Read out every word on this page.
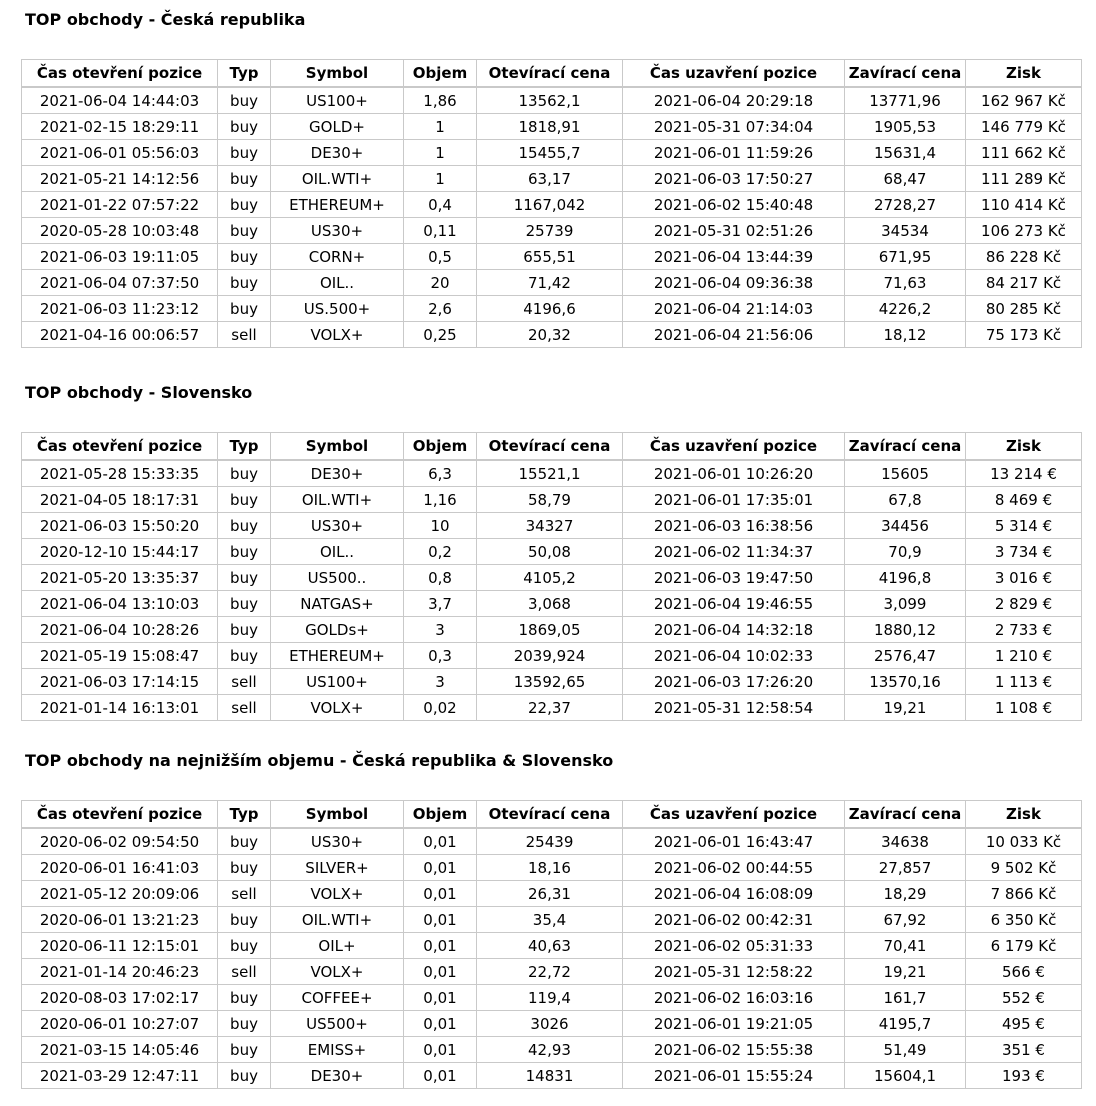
TOP obchody - Česká republika
Čas otevření pozice	Typ	Symbol	Objem	Otevírací cena	Čas uzavření pozice	Zavírací cena	Zisk
2021-06-04 14:44:03	buy	US100+	1,86	13562,1	2021-06-04 20:29:18	13771,96	162 967 Kč
2021-02-15 18:29:11	buy	GOLD+	1	1818,91	2021-05-31 07:34:04	1905,53	146 779 Kč
2021-06-01 05:56:03	buy	DE30+	1	15455,7	2021-06-01 11:59:26	15631,4	111 662 Kč
2021-05-21 14:12:56	buy	OIL.WTI+	1	63,17	2021-06-03 17:50:27	68,47	111 289 Kč
2021-01-22 07:57:22	buy	ETHEREUM+	0,4	1167,042	2021-06-02 15:40:48	2728,27	110 414 Kč
2020-05-28 10:03:48	buy	US30+	0,11	25739	2021-05-31 02:51:26	34534	106 273 Kč
2021-06-03 19:11:05	buy	CORN+	0,5	655,51	2021-06-04 13:44:39	671,95	86 228 Kč
2021-06-04 07:37:50	buy	OIL..	20	71,42	2021-06-04 09:36:38	71,63	84 217 Kč
2021-06-03 11:23:12	buy	US.500+	2,6	4196,6	2021-06-04 21:14:03	4226,2	80 285 Kč
2021-04-16 00:06:57	sell	VOLX+	0,25	20,32	2021-06-04 21:56:06	18,12	75 173 Kč
TOP obchody - Slovensko
Čas otevření pozice	Typ	Symbol	Objem	Otevírací cena	Čas uzavření pozice	Zavírací cena	Zisk
2021-05-28 15:33:35	buy	DE30+	6,3	15521,1	2021-06-01 10:26:20	15605	13 214 €
2021-04-05 18:17:31	buy	OIL.WTI+	1,16	58,79	2021-06-01 17:35:01	67,8	8 469 €
2021-06-03 15:50:20	buy	US30+	10	34327	2021-06-03 16:38:56	34456	5 314 €
2020-12-10 15:44:17	buy	OIL..	0,2	50,08	2021-06-02 11:34:37	70,9	3 734 €
2021-05-20 13:35:37	buy	US500..	0,8	4105,2	2021-06-03 19:47:50	4196,8	3 016 €
2021-06-04 13:10:03	buy	NATGAS+	3,7	3,068	2021-06-04 19:46:55	3,099	2 829 €
2021-06-04 10:28:26	buy	GOLDs+	3	1869,05	2021-06-04 14:32:18	1880,12	2 733 €
2021-05-19 15:08:47	buy	ETHEREUM+	0,3	2039,924	2021-06-04 10:02:33	2576,47	1 210 €
2021-06-03 17:14:15	sell	US100+	3	13592,65	2021-06-03 17:26:20	13570,16	1 113 €
2021-01-14 16:13:01	sell	VOLX+	0,02	22,37	2021-05-31 12:58:54	19,21	1 108 €
TOP obchody na nejnižším objemu - Česká republika & Slovensko
Čas otevření pozice	Typ	Symbol	Objem	Otevírací cena	Čas uzavření pozice	Zavírací cena	Zisk
2020-06-02 09:54:50	buy	US30+	0,01	25439	2021-06-01 16:43:47	34638	10 033 Kč
2020-06-01 16:41:03	buy	SILVER+	0,01	18,16	2021-06-02 00:44:55	27,857	9 502 Kč
2021-05-12 20:09:06	sell	VOLX+	0,01	26,31	2021-06-04 16:08:09	18,29	7 866 Kč
2020-06-01 13:21:23	buy	OIL.WTI+	0,01	35,4	2021-06-02 00:42:31	67,92	6 350 Kč
2020-06-11 12:15:01	buy	OIL+	0,01	40,63	2021-06-02 05:31:33	70,41	6 179 Kč
2021-01-14 20:46:23	sell	VOLX+	0,01	22,72	2021-05-31 12:58:22	19,21	566 €
2020-08-03 17:02:17	buy	COFFEE+	0,01	119,4	2021-06-02 16:03:16	161,7	552 €
2020-06-01 10:27:07	buy	US500+	0,01	3026	2021-06-01 19:21:05	4195,7	495 €
2021-03-15 14:05:46	buy	EMISS+	0,01	42,93	2021-06-02 15:55:38	51,49	351 €
2021-03-29 12:47:11	buy	DE30+	0,01	14831	2021-06-01 15:55:24	15604,1	193 €
